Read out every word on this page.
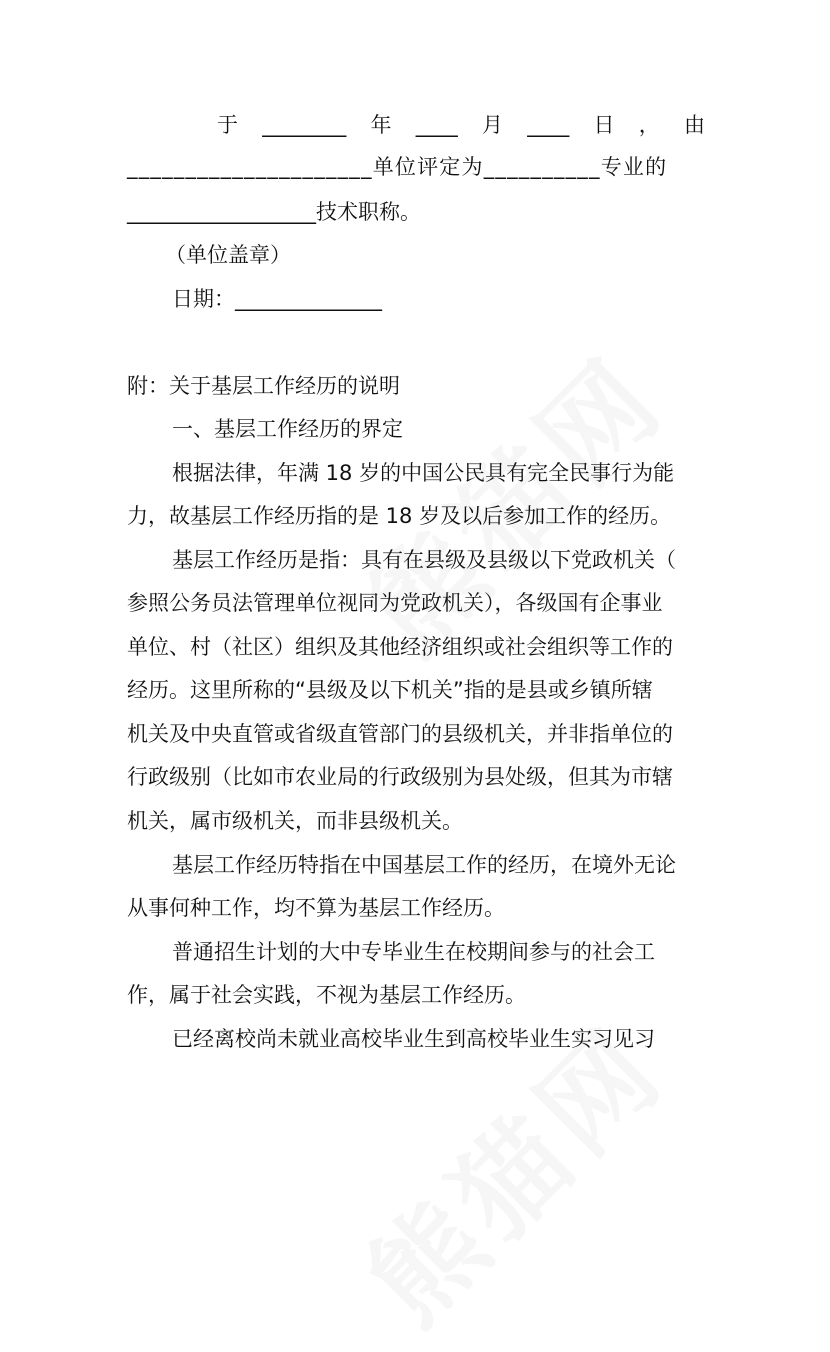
于 ________ 年 ____ 月 ____ 日 ， 由
_____________________单位评定为__________专业的
__________________技术职称。
（单位盖章）
日期：______________
附：关于基层工作经历的说明
一、基层工作经历的界定
根据法律，年满 18 岁的中国公民具有完全民事行为能
力，故基层工作经历指的是 18 岁及以后参加工作的经历。
基层工作经历是指：具有在县级及县级以下党政机关（
参照公务员法管理单位视同为党政机关），各级国有企事业
单位、村（社区）组织及其他经济组织或社会组织等工作的
经历。这里所称的“县级及以下机关”指的是县或乡镇所辖
机关及中央直管或省级直管部门的县级机关，并非指单位的
行政级别（比如市农业局的行政级别为县处级，但其为市辖
机关，属市级机关，而非县级机关。
基层工作经历特指在中国基层工作的经历，在境外无论
从事何种工作，均不算为基层工作经历。
普通招生计划的大中专毕业生在校期间参与的社会工
作，属于社会实践，不视为基层工作经历。
已经离校尚未就业高校毕业生到高校毕业生实习见习
